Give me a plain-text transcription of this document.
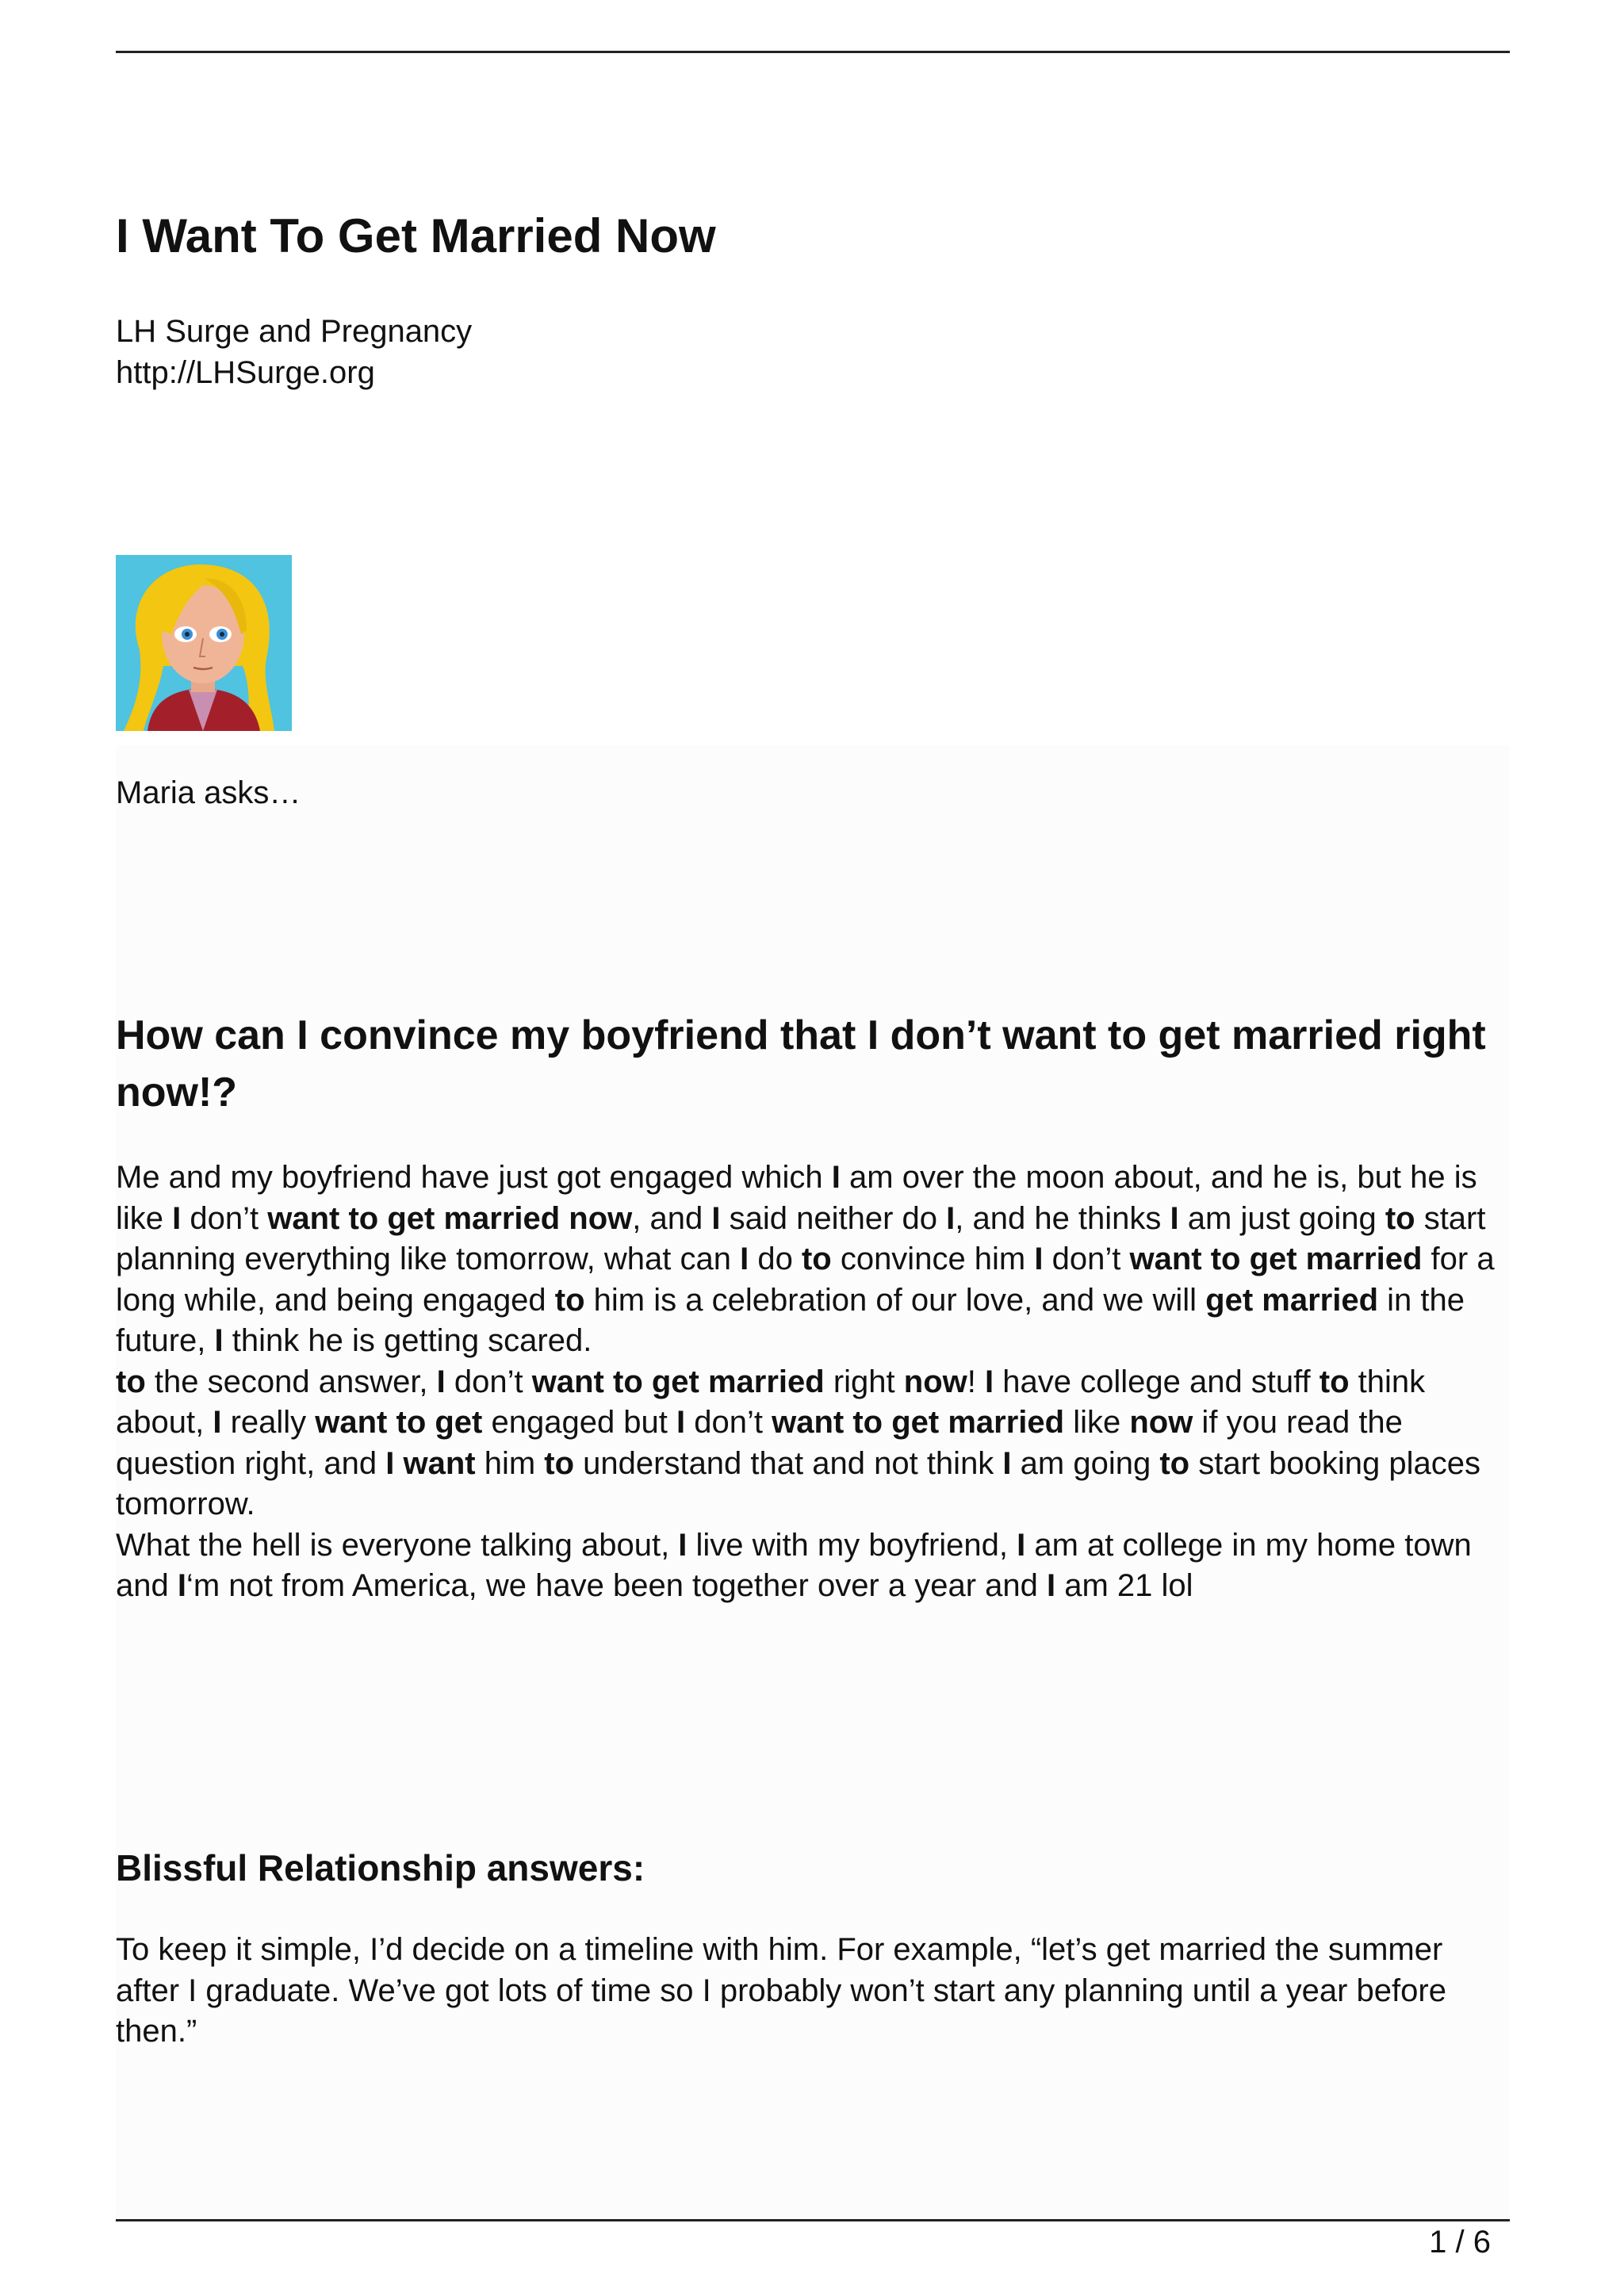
I Want To Get Married Now

LH Surge and Pregnancy

http://LHSurge.org

Maria asks…
How can I convince my boyfriend that I don’t want to get married right now!?

Me and my boyfriend have just got engaged which I am over the moon about, and he is, but he is like I don’t want to get married now, and I said neither do I, and he thinks I am just going to start planning everything like tomorrow, what can I do to convince him I don’t want to get married for a long while, and being engaged to him is a celebration of our love, and we will get married in the future, I think he is getting scared.

to the second answer, I don’t want to get married right now! I have college and stuff to think about, I really want to get engaged but I don’t want to get married like now if you read the question right, and I want him to understand that and not think I am going to start booking places tomorrow.

What the hell is everyone talking about, I live with my boyfriend, I am at college in my home town and I‘m not from America, we have been together over a year and I am 21 lol

Blissful Relationship answers:

To keep it simple, I’d decide on a timeline with him. For example, “let’s get married the summer after I graduate. We’ve got lots of time so I probably won’t start any planning until a year before then.”

1 / 6
